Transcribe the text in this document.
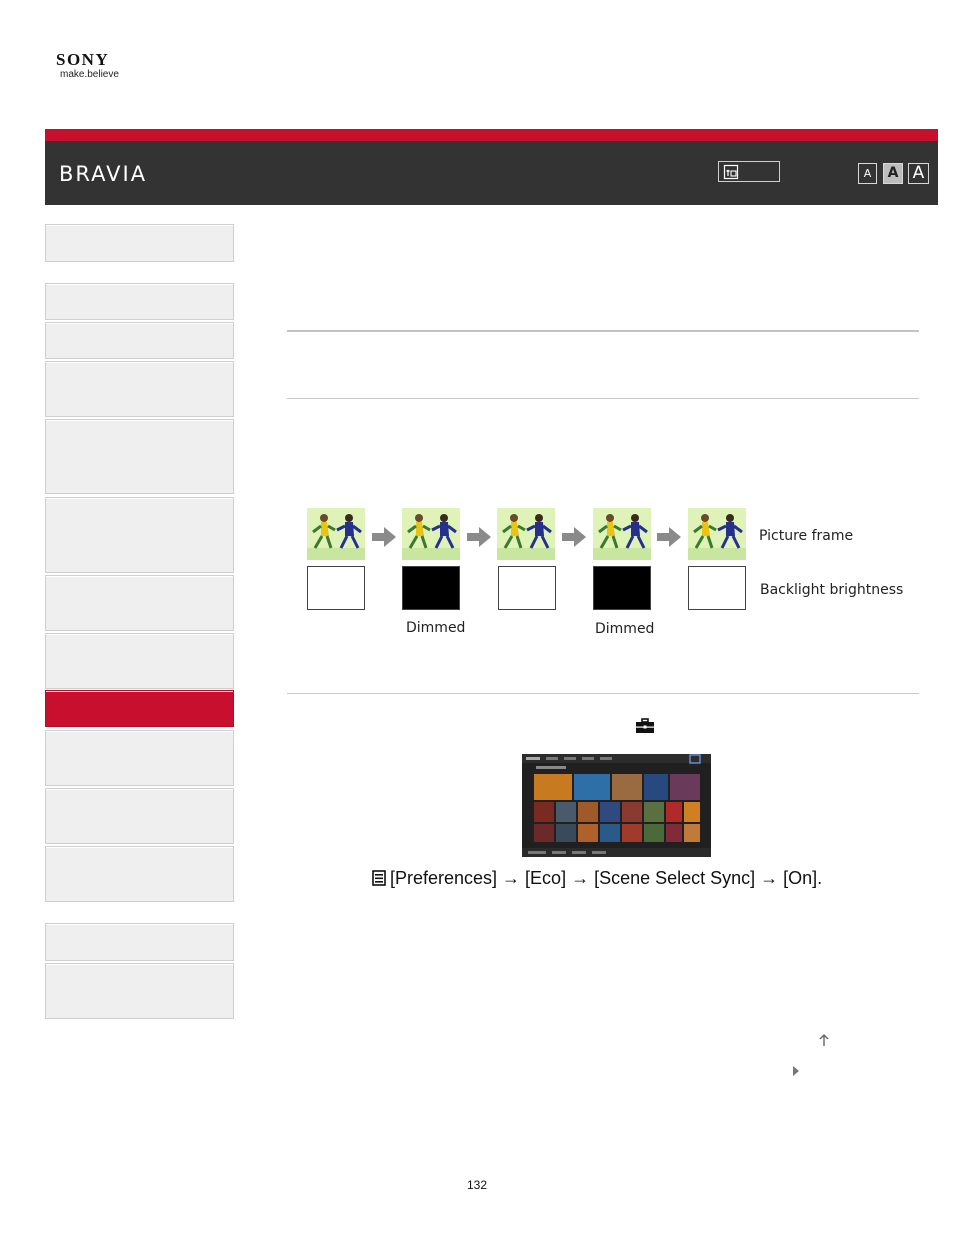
SONY
make.believe
BRAVIA	A	A A
Picture frame
Backlight brightness
Dimmed	Dimmed
[Preferences] → [Eco] → [Scene Select Sync] → [On].
132
